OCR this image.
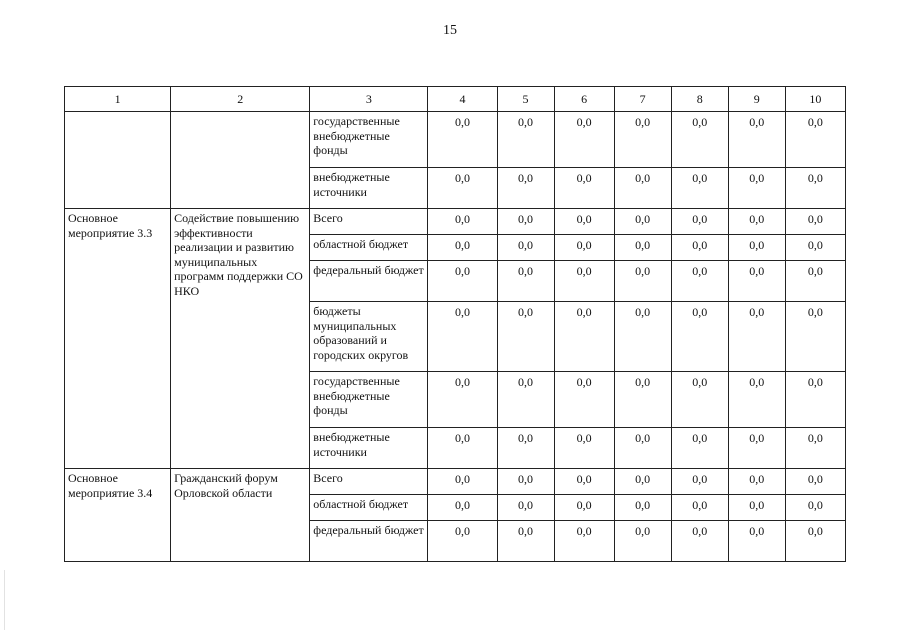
15
1	2	3	4	5	6	7	8	9	10
		государственные внебюджетные фонды	0,0	0,0	0,0	0,0	0,0	0,0	0,0
		внебюджетные источники	0,0	0,0	0,0	0,0	0,0	0,0	0,0
Основное мероприятие 3.3	Содействие повышению эффективности реализации и развитию муниципальных программ поддержки СО НКО	Всего	0,0	0,0	0,0	0,0	0,0	0,0	0,0
		областной бюджет	0,0	0,0	0,0	0,0	0,0	0,0	0,0
		федеральный бюджет	0,0	0,0	0,0	0,0	0,0	0,0	0,0
		бюджеты муниципальных образований и городских округов	0,0	0,0	0,0	0,0	0,0	0,0	0,0
		государственные внебюджетные фонды	0,0	0,0	0,0	0,0	0,0	0,0	0,0
		внебюджетные источники	0,0	0,0	0,0	0,0	0,0	0,0	0,0
Основное мероприятие 3.4	Гражданский форум Орловской области	Всего	0,0	0,0	0,0	0,0	0,0	0,0	0,0
		областной бюджет	0,0	0,0	0,0	0,0	0,0	0,0	0,0
		федеральный бюджет	0,0	0,0	0,0	0,0	0,0	0,0	0,0
